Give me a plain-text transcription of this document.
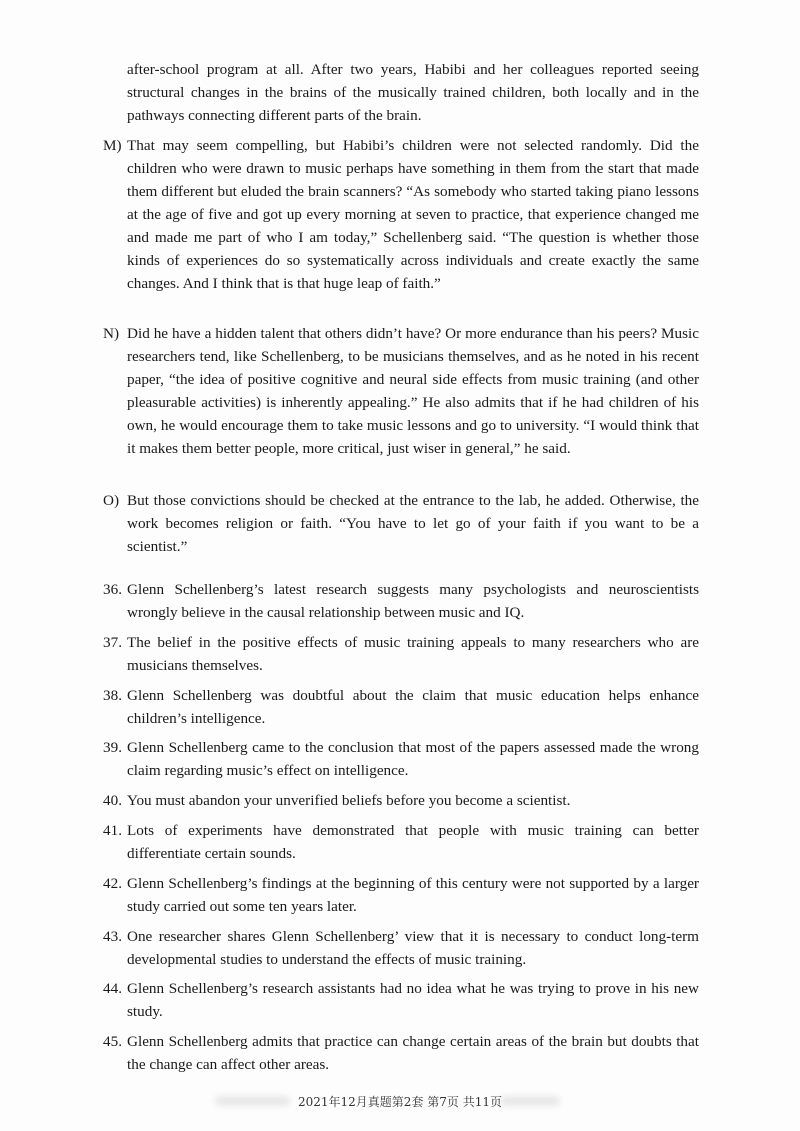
after-school program at all. After two years, Habibi and her colleagues reported seeing structural changes in the brains of the musically trained children, both locally and in the pathways connecting different parts of the brain.
M) That may seem compelling, but Habibi’s children were not selected randomly. Did the children who were drawn to music perhaps have something in them from the start that made them different but eluded the brain scanners? “As somebody who started taking piano lessons at the age of five and got up every morning at seven to practice, that experience changed me and made me part of who I am today,” Schellenberg said. “The question is whether those kinds of experiences do so systematically across individuals and create exactly the same changes. And I think that is that huge leap of faith.”
N) Did he have a hidden talent that others didn’t have? Or more endurance than his peers? Music researchers tend, like Schellenberg, to be musicians themselves, and as he noted in his recent paper, “the idea of positive cognitive and neural side effects from music training (and other pleasurable activities) is inherently appealing.” He also admits that if he had children of his own, he would encourage them to take music lessons and go to university. “I would think that it makes them better people, more critical, just wiser in general,” he said.
O) But those convictions should be checked at the entrance to the lab, he added. Otherwise, the work becomes religion or faith. “You have to let go of your faith if you want to be a scientist.”
36. Glenn Schellenberg’s latest research suggests many psychologists and neuroscientists wrongly believe in the causal relationship between music and IQ.
37. The belief in the positive effects of music training appeals to many researchers who are musicians themselves.
38. Glenn Schellenberg was doubtful about the claim that music education helps enhance children’s intelligence.
39. Glenn Schellenberg came to the conclusion that most of the papers assessed made the wrong claim regarding music’s effect on intelligence.
40. You must abandon your unverified beliefs before you become a scientist.
41. Lots of experiments have demonstrated that people with music training can better differentiate certain sounds.
42. Glenn Schellenberg’s findings at the beginning of this century were not supported by a larger study carried out some ten years later.
43. One researcher shares Glenn Schellenberg’ view that it is necessary to conduct long-term developmental studies to understand the effects of music training.
44. Glenn Schellenberg’s research assistants had no idea what he was trying to prove in his new study.
45. Glenn Schellenberg admits that practice can change certain areas of the brain but doubts that the change can affect other areas.
2021年12月真题第2套 第7页 共11页
